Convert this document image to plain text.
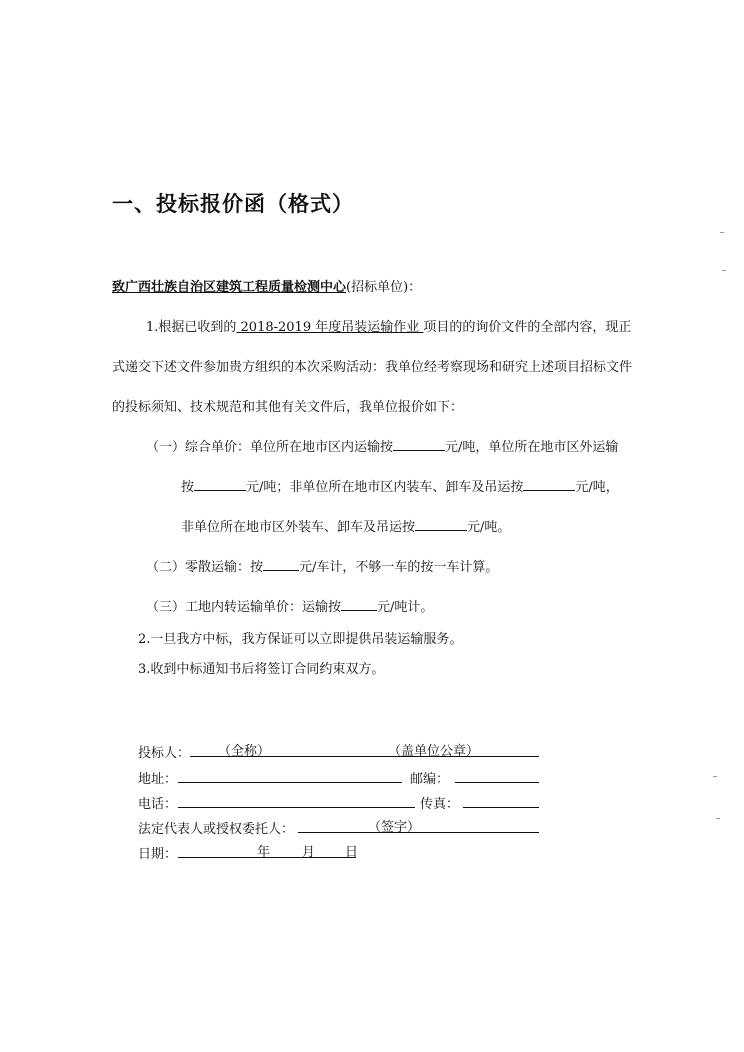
一、投标报价函（格式）
致广西壮族自治区建筑工程质量检测中心(招标单位)：
1.根据已收到的 2018-2019 年度吊装运输作业 项目的的询价文件的全部内容，现正
式递交下述文件参加贵方组织的本次采购活动：我单位经考察现场和研究上述项目招标文件
的投标须知、技术规范和其他有关文件后，我单位报价如下：
（一）综合单价：单位所在地市区内运输按	元/吨，单位所在地市区外运输
按	元/吨；非单位所在地市区内装车、卸车及吊运按	元/吨，
非单位所在地市区外装车、卸车及吊运按	元/吨。
（二）零散运输：按	元/车计，不够一车的按一车计算。
（三）工地内转运输单价：运输按	元/吨计。
2.一旦我方中标，我方保证可以立即提供吊装运输服务。
3.收到中标通知书后将签订合同约束双方。
投标人： （全称）	（盖单位公章）
地址：	邮编：
电话：	传真：
法定代表人或授权委托人：	（签字）
日期：	年 月 日
